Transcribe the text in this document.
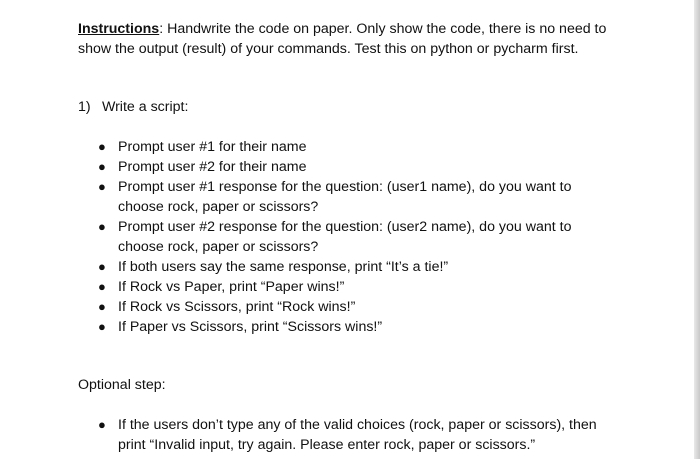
Instructions: Handwrite the code on paper. Only show the code, there is no need to show the output (result) of your commands. Test this on python or pycharm first.

1) Write a script:
● Prompt user #1 for their name
● Prompt user #2 for their name
● Prompt user #1 response for the question: (user1 name), do you want to choose rock, paper or scissors?
● Prompt user #2 response for the question: (user2 name), do you want to choose rock, paper or scissors?
● If both users say the same response, print “It’s a tie!”
● If Rock vs Paper, print “Paper wins!”
● If Rock vs Scissors, print “Rock wins!”
● If Paper vs Scissors, print “Scissors wins!”
Optional step:
● If the users don’t type any of the valid choices (rock, paper or scissors), then print “Invalid input, try again. Please enter rock, paper or scissors.”
